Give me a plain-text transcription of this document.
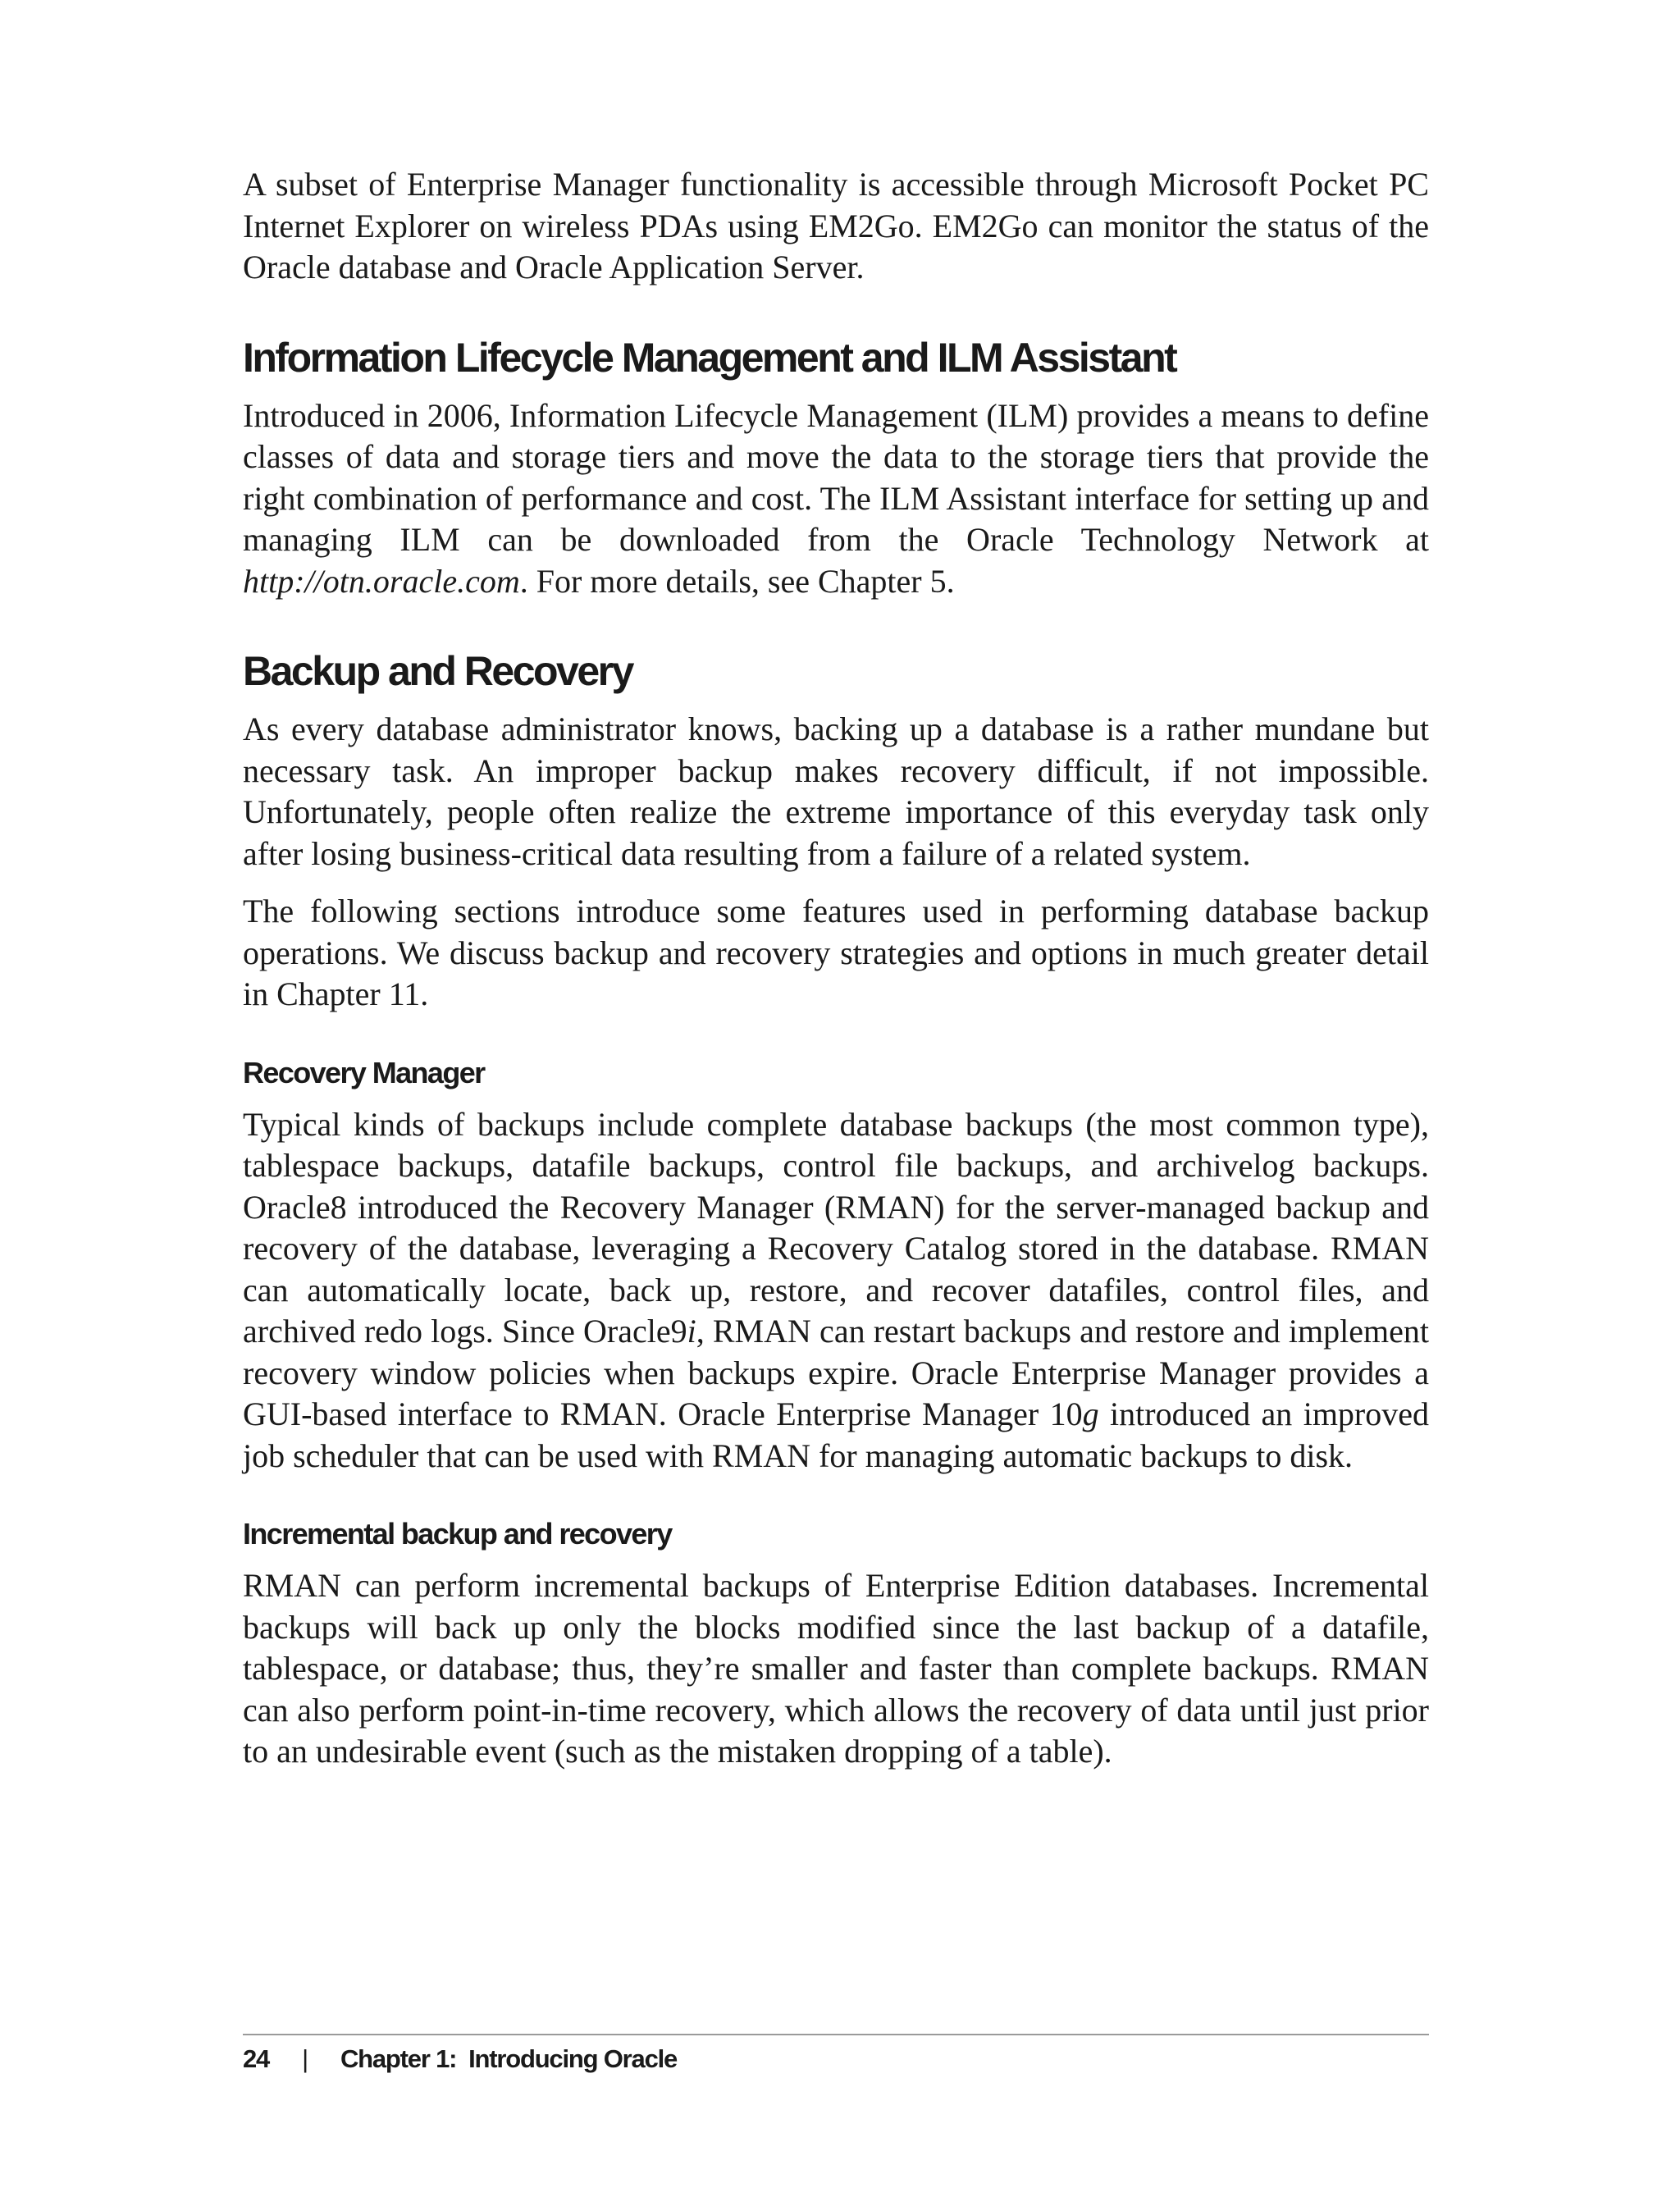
A subset of Enterprise Manager functionality is accessible through Microsoft Pocket PC Internet Explorer on wireless PDAs using EM2Go. EM2Go can monitor the status of the Oracle database and Oracle Application Server.

Information Lifecycle Management and ILM Assistant

Introduced in 2006, Information Lifecycle Management (ILM) provides a means to define classes of data and storage tiers and move the data to the storage tiers that provide the right combination of performance and cost. The ILM Assistant interface for setting up and managing ILM can be downloaded from the Oracle Technology Network at http://otn.oracle.com. For more details, see Chapter 5.

Backup and Recovery

As every database administrator knows, backing up a database is a rather mundane but necessary task. An improper backup makes recovery difficult, if not impossible. Unfortunately, people often realize the extreme importance of this everyday task only after losing business-critical data resulting from a failure of a related system.

The following sections introduce some features used in performing database backup operations. We discuss backup and recovery strategies and options in much greater detail in Chapter 11.

Recovery Manager

Typical kinds of backups include complete database backups (the most common type), tablespace backups, datafile backups, control file backups, and archivelog backups. Oracle8 introduced the Recovery Manager (RMAN) for the server-managed backup and recovery of the database, leveraging a Recovery Catalog stored in the database. RMAN can automatically locate, back up, restore, and recover datafiles, control files, and archived redo logs. Since Oracle9i, RMAN can restart backups and restore and implement recovery window policies when backups expire. Oracle Enterprise Manager provides a GUI-based interface to RMAN. Oracle Enterprise Manager 10g introduced an improved job scheduler that can be used with RMAN for managing automatic backups to disk.

Incremental backup and recovery

RMAN can perform incremental backups of Enterprise Edition databases. Incremental backups will back up only the blocks modified since the last backup of a datafile, tablespace, or database; thus, they’re smaller and faster than complete backups. RMAN can also perform point-in-time recovery, which allows the recovery of data until just prior to an undesirable event (such as the mistaken dropping of a table).

24 | Chapter 1:  Introducing Oracle
